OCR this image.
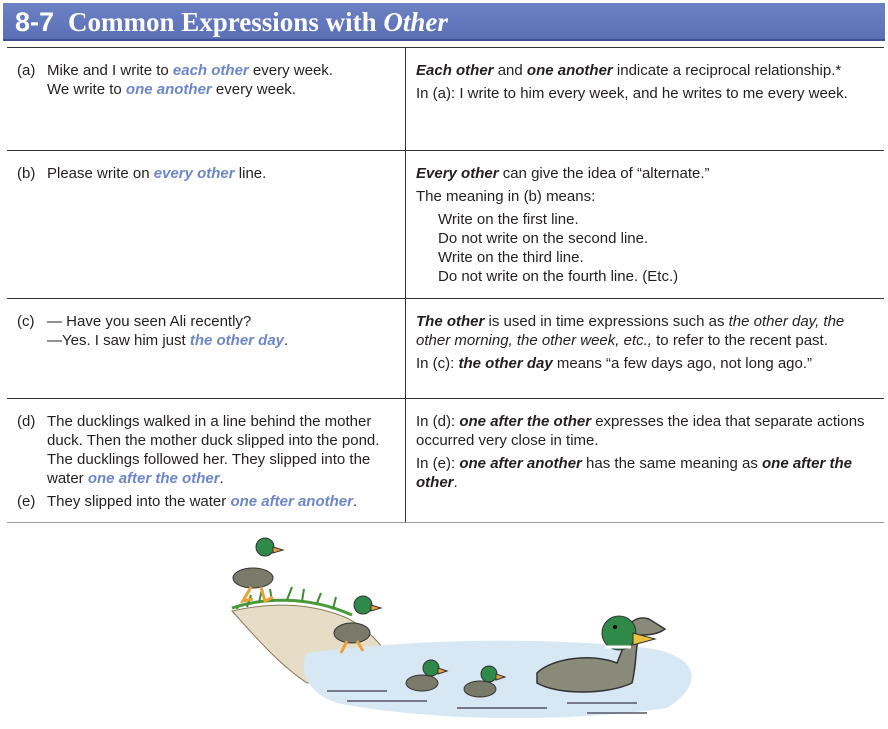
8-7 Common Expressions with Other
(a) Mike and I write to each other every week.
We write to one another every week.
Each other and one another indicate a reciprocal relationship.*
In (a): I write to him every week, and he writes to me every week.
(b) Please write on every other line.	Every other can give the idea of “alternate.”
The meaning in (b) means:
Write on the first line.
Do not write on the second line.
Write on the third line.
Do not write on the fourth line. (Etc.)
(c) — Have you seen Ali recently?
—Yes. I saw him just the other day.
The other is used in time expressions such as the other day, the other morning, the other week, etc., to refer to the recent past.
In (c): the other day means “a few days ago, not long ago.”
(d) The ducklings walked in a line behind the mother duck. Then the mother duck slipped into the pond. The ducklings followed her. They slipped into the water one after the other.
(e) They slipped into the water one after another.
In (d): one after the other expresses the idea that separate actions occurred very close in time.
In (e): one after another has the same meaning as one after the other.
